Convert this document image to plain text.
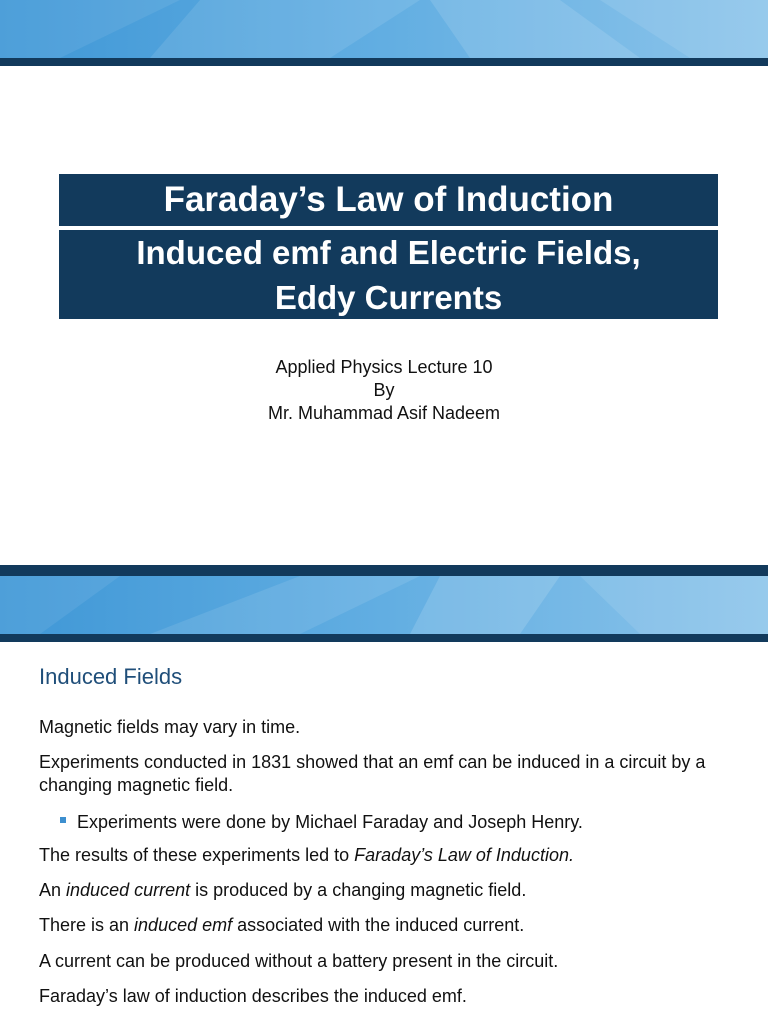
Faraday’s Law of Induction
Induced emf and Electric Fields,
Eddy Currents
Applied Physics Lecture 10
By
Mr. Muhammad Asif Nadeem
Induced Fields
Magnetic fields may vary in time.
Experiments conducted in 1831 showed that an emf can be induced in a circuit by a changing magnetic field.
Experiments were done by Michael Faraday and Joseph Henry.
The results of these experiments led to Faraday’s Law of Induction.
An induced current is produced by a changing magnetic field.
There is an induced emf associated with the induced current.
A current can be produced without a battery present in the circuit.
Faraday’s law of induction describes the induced emf.
